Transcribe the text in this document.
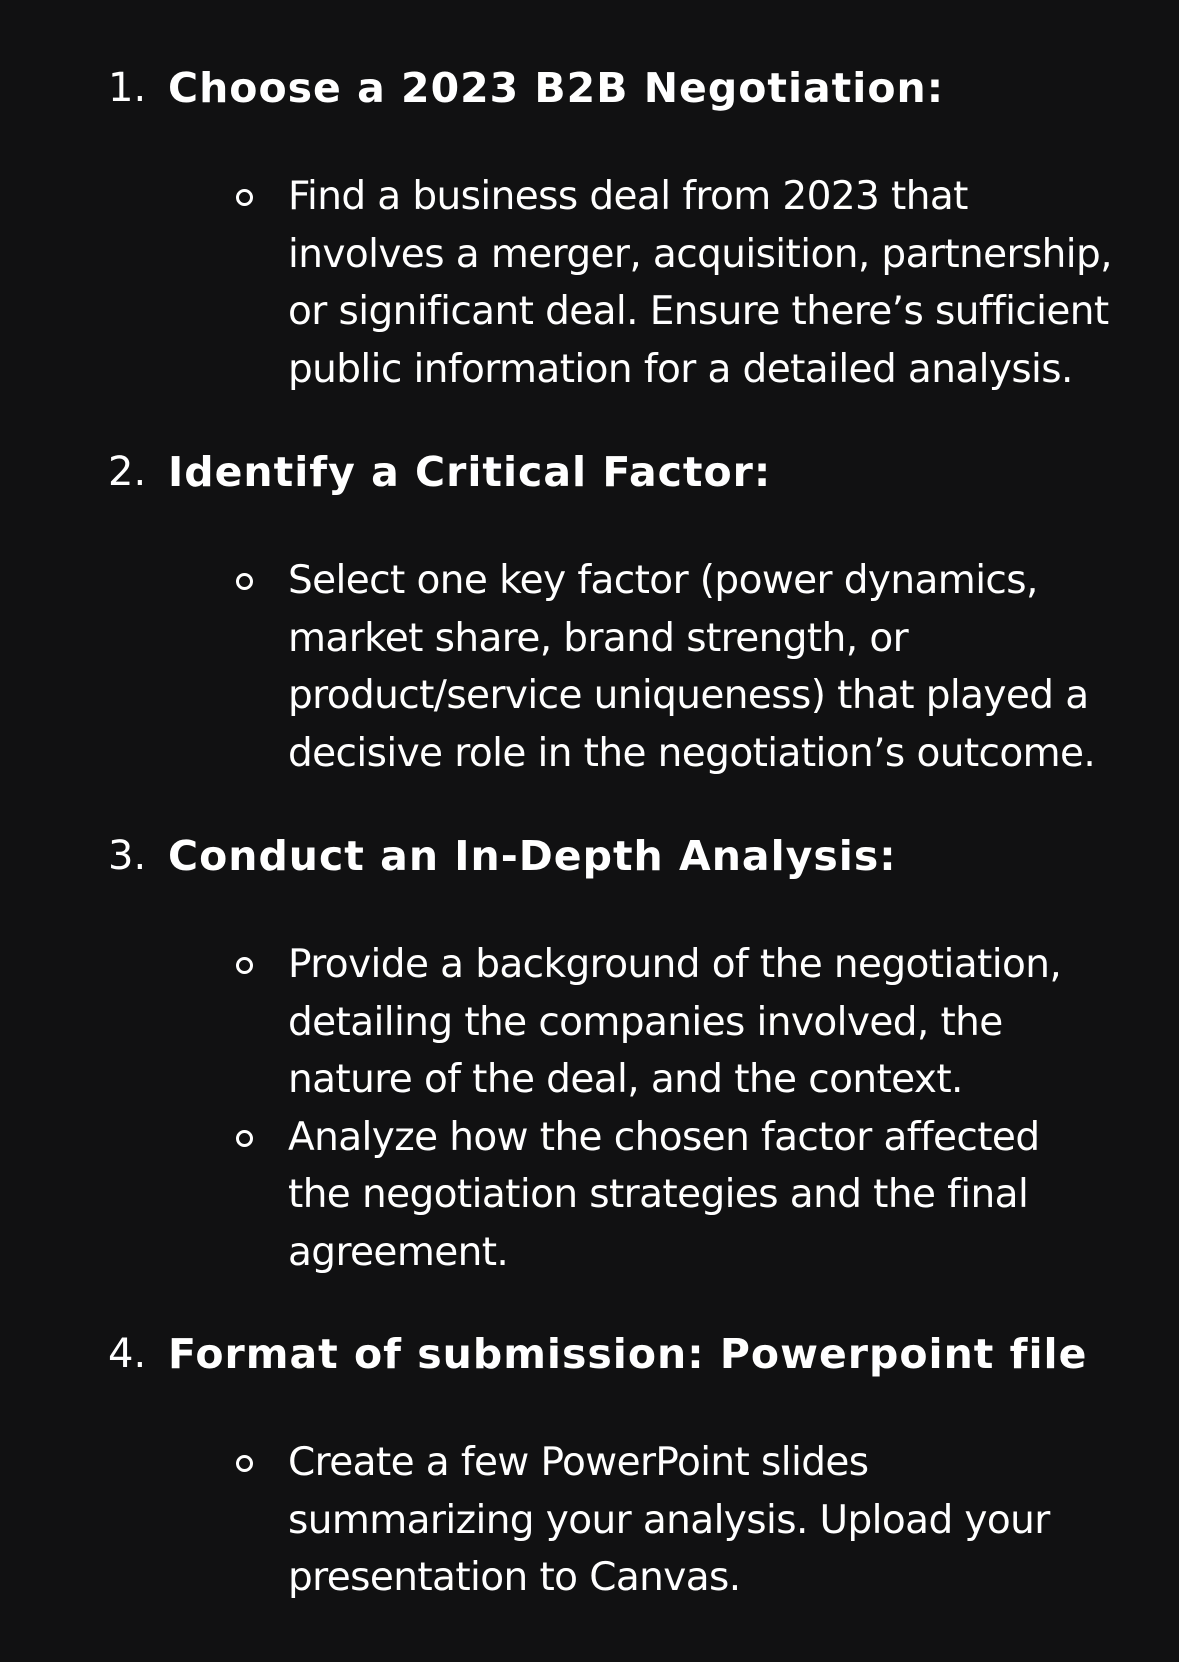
1. Choose a 2023 B2B Negotiation:
Find a business deal from 2023 that
involves a merger, acquisition, partnership,
or significant deal. Ensure there’s sufficient
public information for a detailed analysis.
2. Identify a Critical Factor:
Select one key factor (power dynamics,
market share, brand strength, or
product/service uniqueness) that played a
decisive role in the negotiation’s outcome.
3. Conduct an In-Depth Analysis:
Provide a background of the negotiation,
detailing the companies involved, the
nature of the deal, and the context.
Analyze how the chosen factor affected
the negotiation strategies and the final
agreement.
4. Format of submission: Powerpoint file
Create a few PowerPoint slides
summarizing your analysis. Upload your
presentation to Canvas.
